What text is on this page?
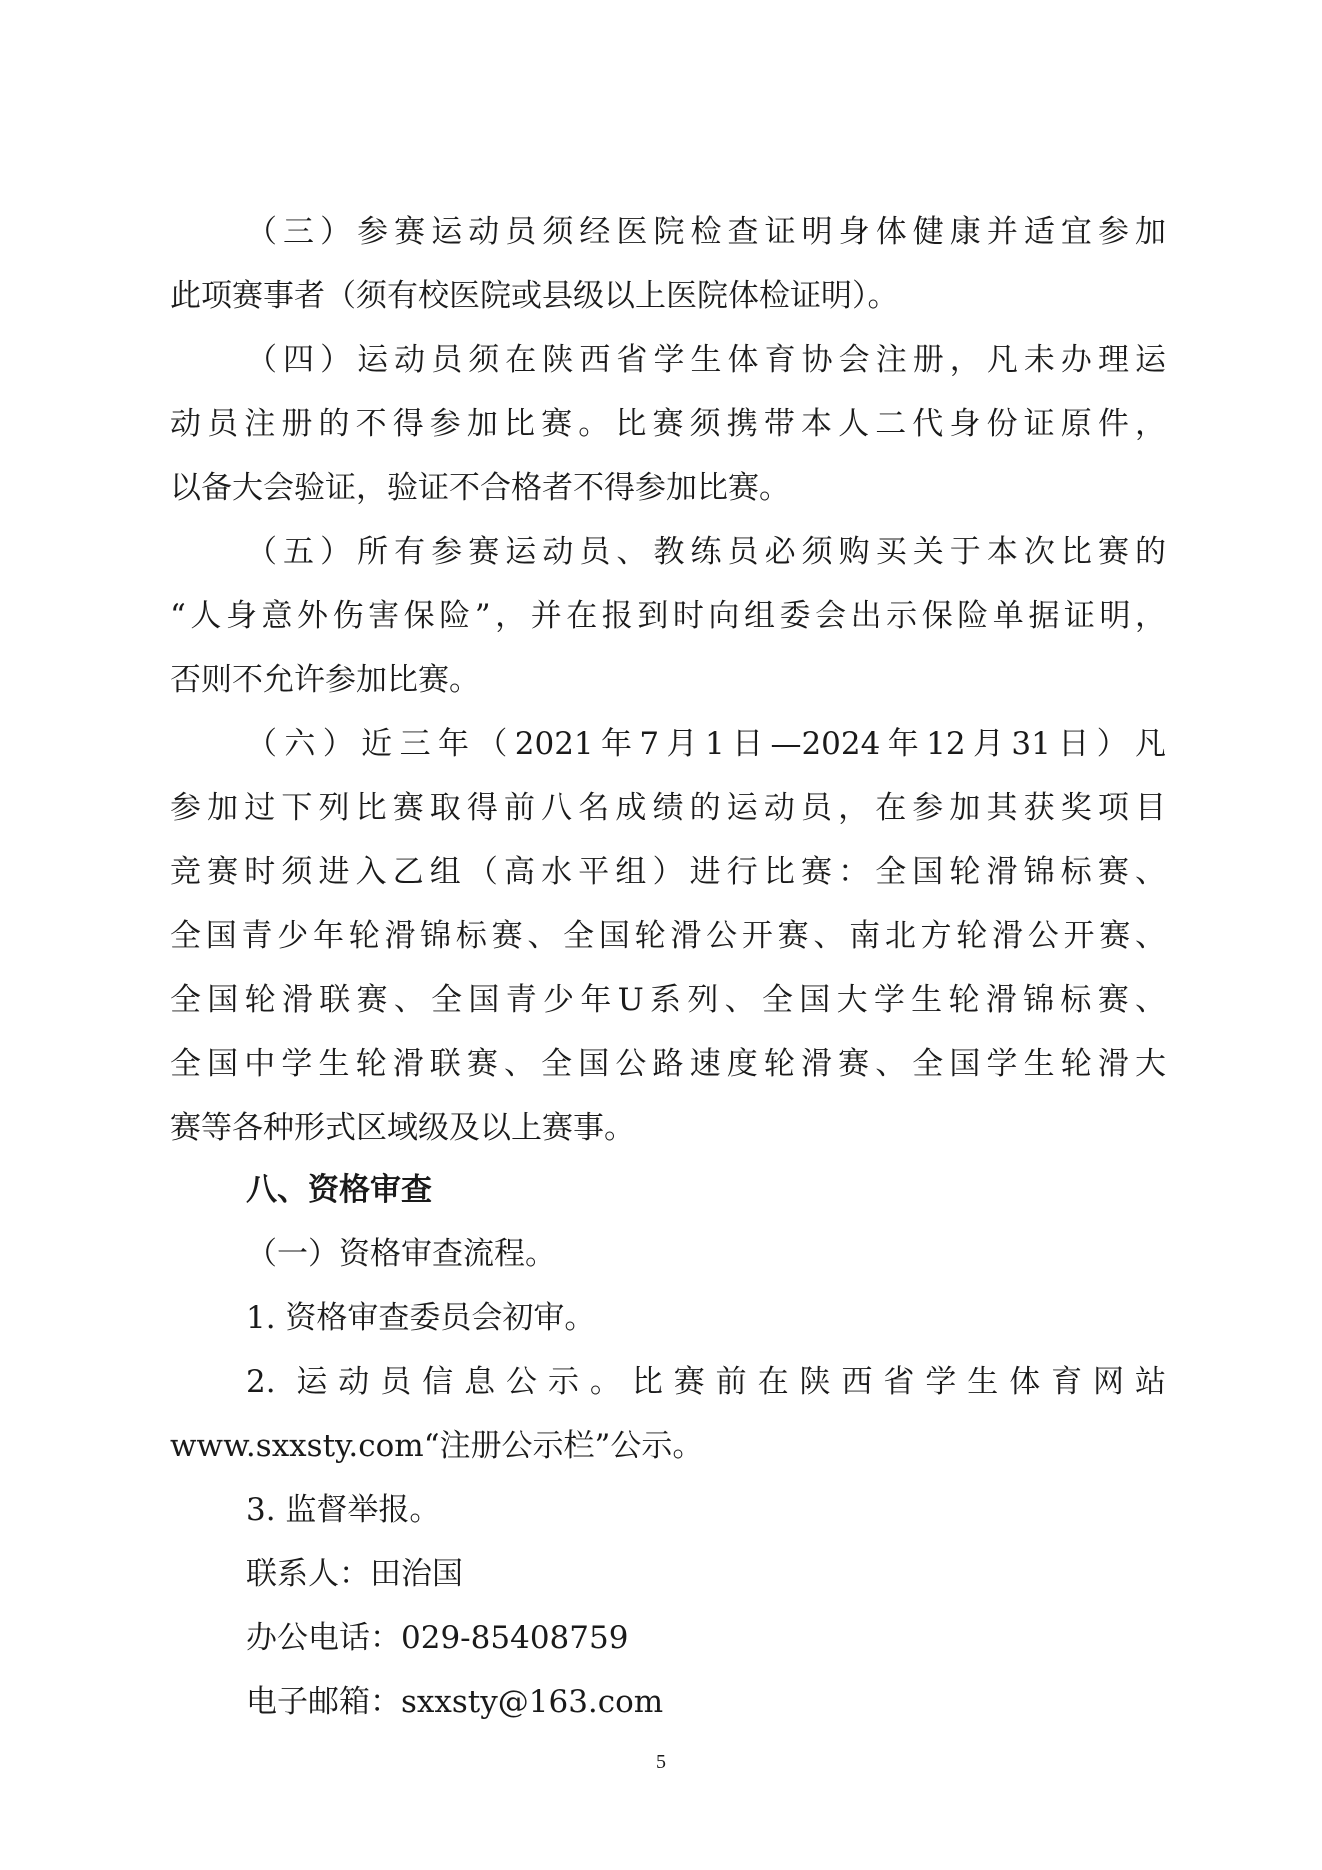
（三）参赛运动员须经医院检查证明身体健康并适宜参加
此项赛事者（须有校医院或县级以上医院体检证明）。
（四）运动员须在陕西省学生体育协会注册，凡未办理运
动员注册的不得参加比赛。比赛须携带本人二代身份证原件，
以备大会验证，验证不合格者不得参加比赛。
（五）所有参赛运动员、教练员必须购买关于本次比赛的
“人身意外伤害保险”，并在报到时向组委会出示保险单据证明，
否则不允许参加比赛。
（六）近三年（2021年7月1日—2024年12月31日）凡
参加过下列比赛取得前八名成绩的运动员，在参加其获奖项目
竞赛时须进入乙组（高水平组）进行比赛：全国轮滑锦标赛、
全国青少年轮滑锦标赛、全国轮滑公开赛、南北方轮滑公开赛、
全国轮滑联赛、全国青少年U系列、全国大学生轮滑锦标赛、
全国中学生轮滑联赛、全国公路速度轮滑赛、全国学生轮滑大
赛等各种形式区域级及以上赛事。
八、资格审查
（一）资格审查流程。
1. 资格审查委员会初审。
2. 运动员信息公示。比赛前在陕西省学生体育网站
www.sxxsty.com“注册公示栏”公示。
3. 监督举报。
联系人：田治国
办公电话：029-85408759
电子邮箱：sxxsty@163.com
5
